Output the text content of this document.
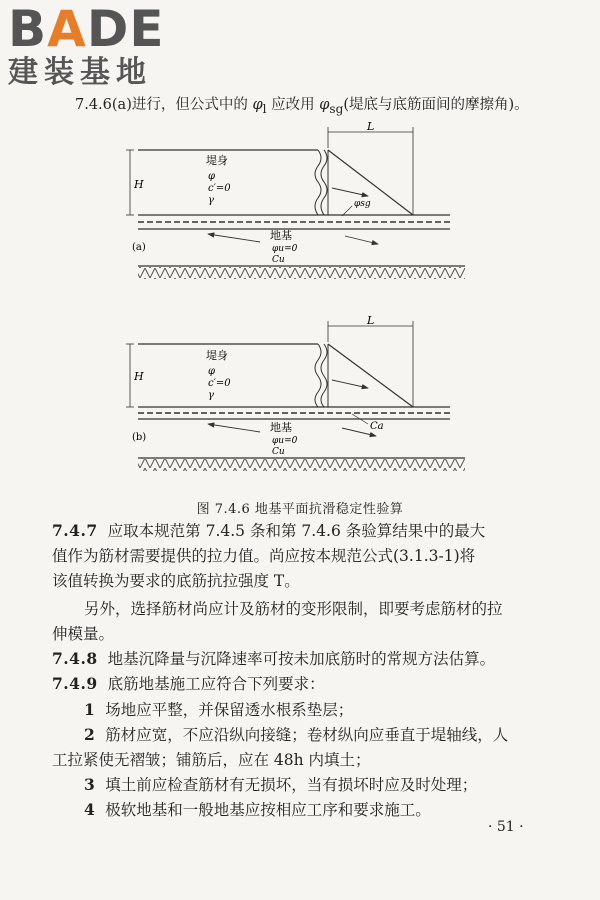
BADE
建装基地
7.4.6(a)进行，但公式中的 $\varphi_l$ 应改用 $\varphi_{sg}$(堤底与底筋面间的摩擦角)。
H
L
堤身
φ
c′=0
γ	φsg
地基
φu=0
Cu
(a)
H
L
堤身
φ
c′=0
γ
Ca
地基
φu=0
Cu
(b)
图 7.4.6 地基平面抗滑稳定性验算
7.4.7 应取本规范第 7.4.5 条和第 7.4.6 条验算结果中的最大
值作为筋材需要提供的拉力值。尚应按本规范公式(3.1.3-1)将
该值转换为要求的底筋抗拉强度 T。
另外，选择筋材尚应计及筋材的变形限制，即要考虑筋材的拉
伸模量。
7.4.8 地基沉降量与沉降速率可按未加底筋时的常规方法估算。
7.4.9 底筋地基施工应符合下列要求：
1 场地应平整，并保留透水根系垫层；
2 筋材应宽，不应沿纵向接缝；卷材纵向应垂直于堤轴线，人
工拉紧使无褶皱；铺筋后，应在 48h 内填土；
3 填土前应检查筋材有无损坏，当有损坏时应及时处理；
4 极软地基和一般地基应按相应工序和要求施工。
· 51 ·
